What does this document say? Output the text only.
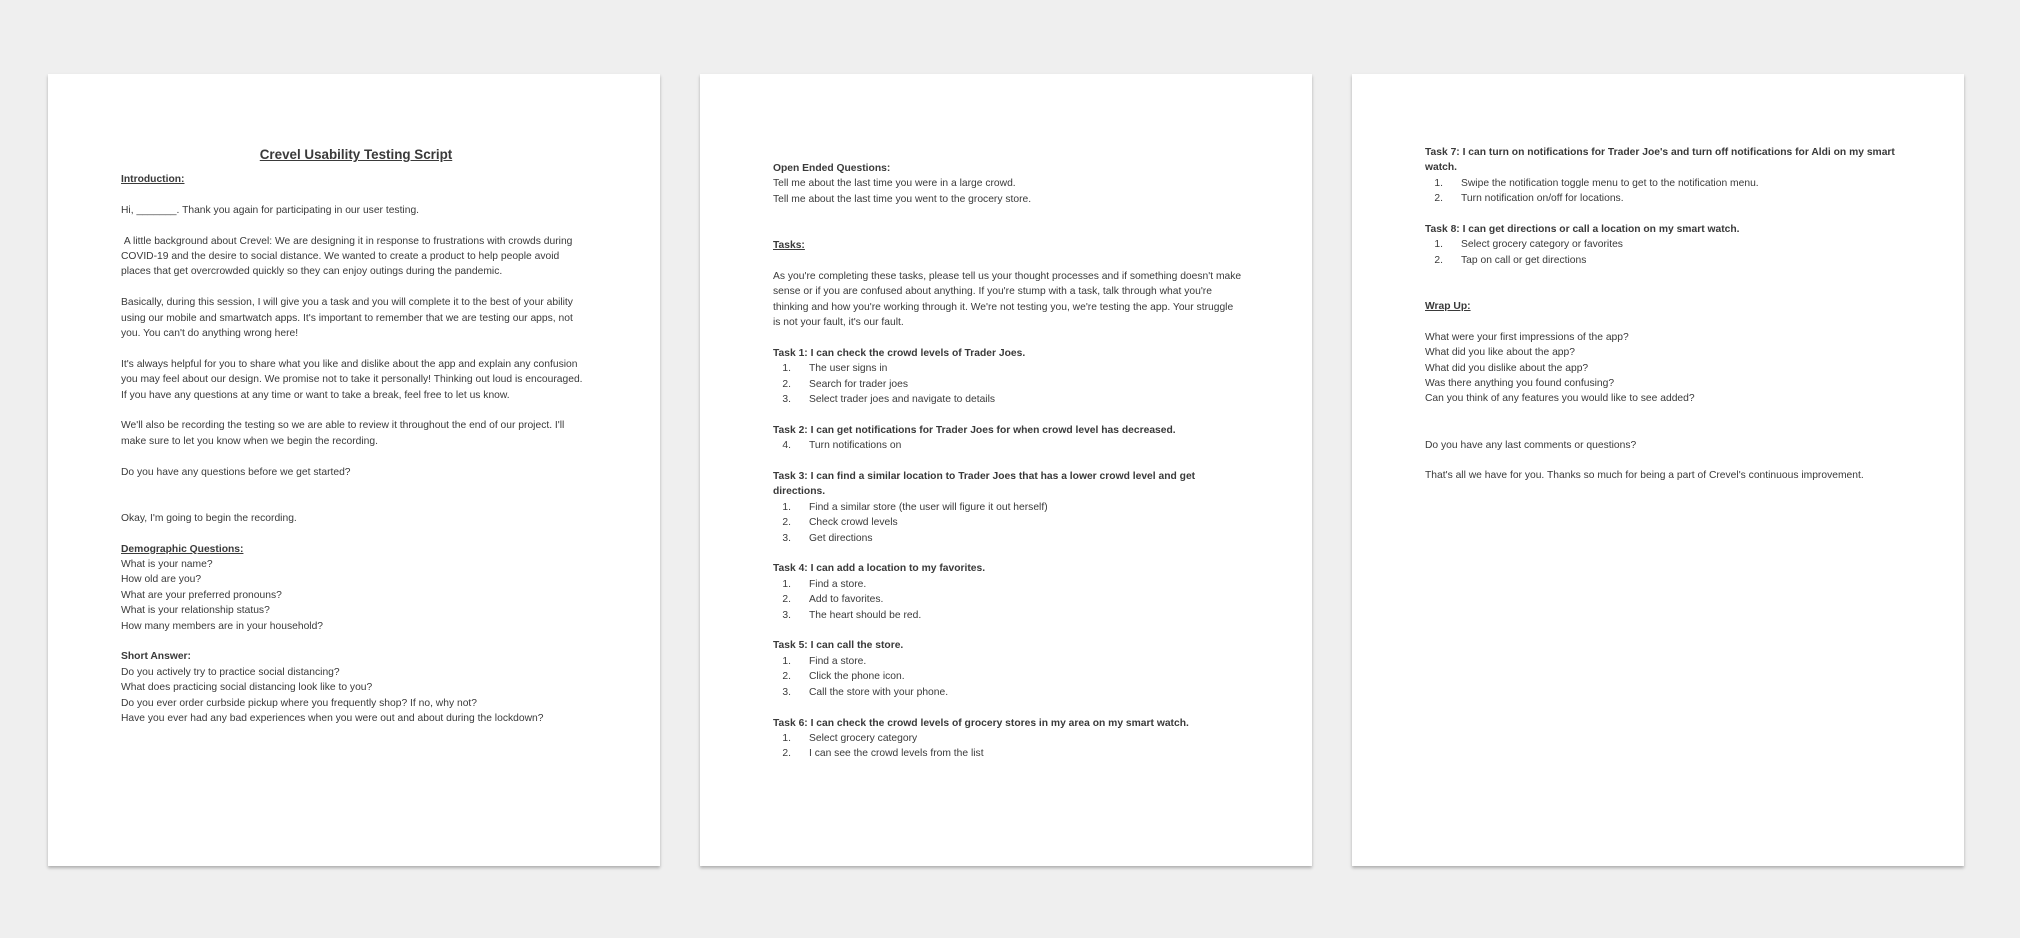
Crevel Usability Testing Script

Introduction:

Hi, _______. Thank you again for participating in our user testing.

A little background about Crevel: We are designing it in response to frustrations with crowds during COVID-19 and the desire to social distance. We wanted to create a product to help people avoid places that get overcrowded quickly so they can enjoy outings during the pandemic.

Basically, during this session, I will give you a task and you will complete it to the best of your ability using our mobile and smartwatch apps. It's important to remember that we are testing our apps, not you. You can't do anything wrong here!

It's always helpful for you to share what you like and dislike about the app and explain any confusion you may feel about our design. We promise not to take it personally! Thinking out loud is encouraged. If you have any questions at any time or want to take a break, feel free to let us know.

We'll also be recording the testing so we are able to review it throughout the end of our project. I'll make sure to let you know when we begin the recording.

Do you have any questions before we get started?

Okay, I'm going to begin the recording.

Demographic Questions:

What is your name?

How old are you?

What are your preferred pronouns?

What is your relationship status?

How many members are in your household?

Short Answer:

Do you actively try to practice social distancing?

What does practicing social distancing look like to you?

Do you ever order curbside pickup where you frequently shop? If no, why not?

Have you ever had any bad experiences when you were out and about during the lockdown?

Open Ended Questions:

Tell me about the last time you were in a large crowd.

Tell me about the last time you went to the grocery store.

Tasks:

As you're completing these tasks, please tell us your thought processes and if something doesn't make sense or if you are confused about anything. If you're stump with a task, talk through what you're thinking and how you're working through it. We're not testing you, we're testing the app. Your struggle is not your fault, it's our fault.

Task 1: I can check the crowd levels of Trader Joes.

1.	The user signs in
2.	Search for trader joes
3.	Select trader joes and navigate to details

Task 2: I can get notifications for Trader Joes for when crowd level has decreased.

4.	Turn notifications on

Task 3: I can find a similar location to Trader Joes that has a lower crowd level and get directions.

1.	Find a similar store (the user will figure it out herself)
2.	Check crowd levels
3.	Get directions

Task 4: I can add a location to my favorites.

1.	Find a store.
2.	Add to favorites.
3.	The heart should be red.

Task 5: I can call the store.

1.	Find a store.
2.	Click the phone icon.
3.	Call the store with your phone.

Task 6: I can check the crowd levels of grocery stores in my area on my smart watch.

1.	Select grocery category
2.	I can see the crowd levels from the list

Task 7: I can turn on notifications for Trader Joe's and turn off notifications for Aldi on my smart watch.

1.	Swipe the notification toggle menu to get to the notification menu.
2.	Turn notification on/off for locations.

Task 8: I can get directions or call a location on my smart watch.

1.	Select grocery category or favorites
2.	Tap on call or get directions

Wrap Up:

What were your first impressions of the app?

What did you like about the app?

What did you dislike about the app?

Was there anything you found confusing?

Can you think of any features you would like to see added?

Do you have any last comments or questions?

That's all we have for you. Thanks so much for being a part of Crevel's continuous improvement.
